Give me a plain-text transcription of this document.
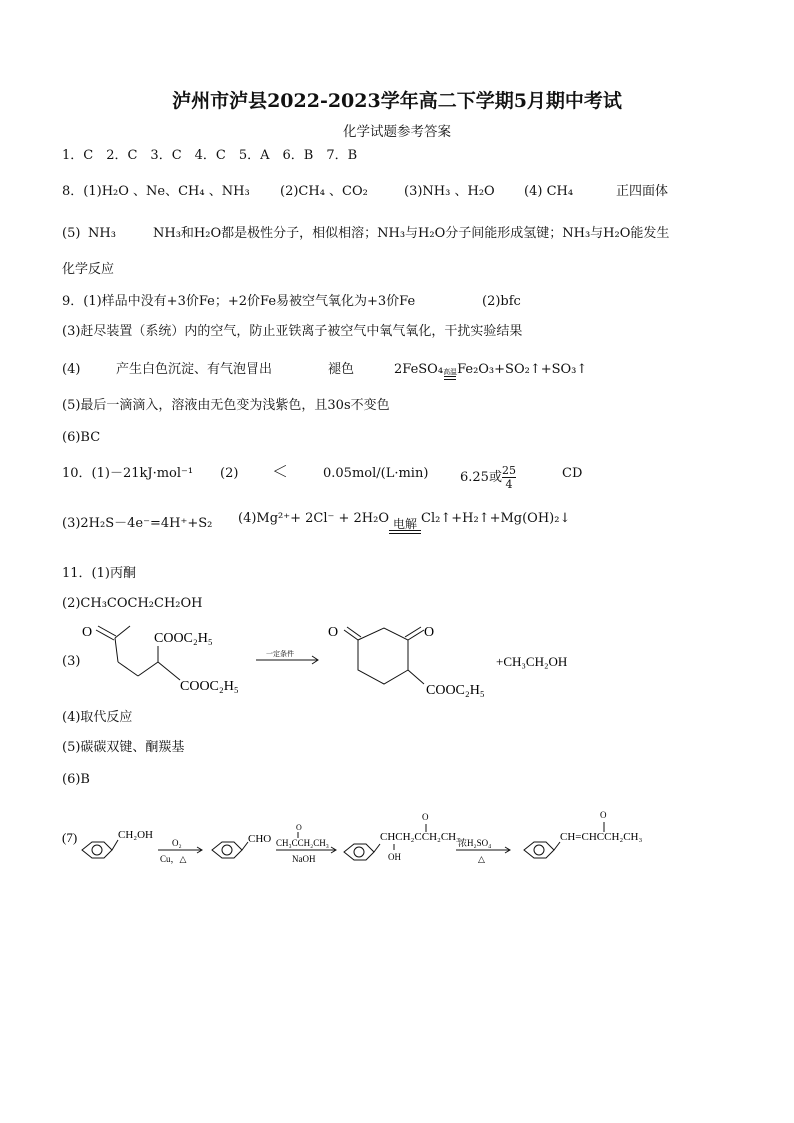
泸州市泸县2022-2023学年高二下学期5月期中考试
化学试题参考答案
1．C　2．C　3．C　4．C　5．A　6．B　7．B
8．(1)H₂O 、Ne、CH₄ 、NH₃ (2)CH₄ 、CO₂	(3)NH₃ 、H₂O (4) CH₄	正四面体
(5) NH₃	NH₃和H₂O都是极性分子，相似相溶；NH₃与H₂O分子间能形成氢键；NH₃与H₂O能发生
化学反应
9．(1)样品中没有+3价Fe；+2价Fe易被空气氧化为+3价Fe	(2)bfc
(3)赶尽装置（系统）内的空气，防止亚铁离子被空气中氧气氧化，干扰实验结果
(4)	产生白色沉淀、有气泡冒出	褪色	2FeSO₄ 高温 Fe₂O₃+SO₂↑+SO₃↑
(5)最后一滴滴入，溶液由无色变为浅紫色，且30s不变色
(6)BC
10．(1)－21kJ·mol⁻¹ (2) ＜	0.05mol/(L·min) 6.25或 $\frac{25}{4}$	CD
(3)2H₂S－4e⁻=4H⁺+S₂ (4)Mg²⁺+ 2Cl⁻ + 2H₂O 电解 Cl₂↑+H₂↑+Mg(OH)₂↓
11．(1)丙酮
(2)CH₃COCH₂CH₂OH
(3)
O	COOC₂H₅
COOC₂H₅
一定条件
O	O
COOC₂H₅
+CH₃CH₂OH
(4)取代反应
(5)碳碳双键、酮羰基
(6)B
(7)	CH₂OH
O₂
Cu，△
CHO
O
CH₃CCH₂CH₃
NaOH
CHCH₂CCH₂CH₃
O
OH
浓H₂SO₄
△
CH=CHCCH₂CH₃
O
